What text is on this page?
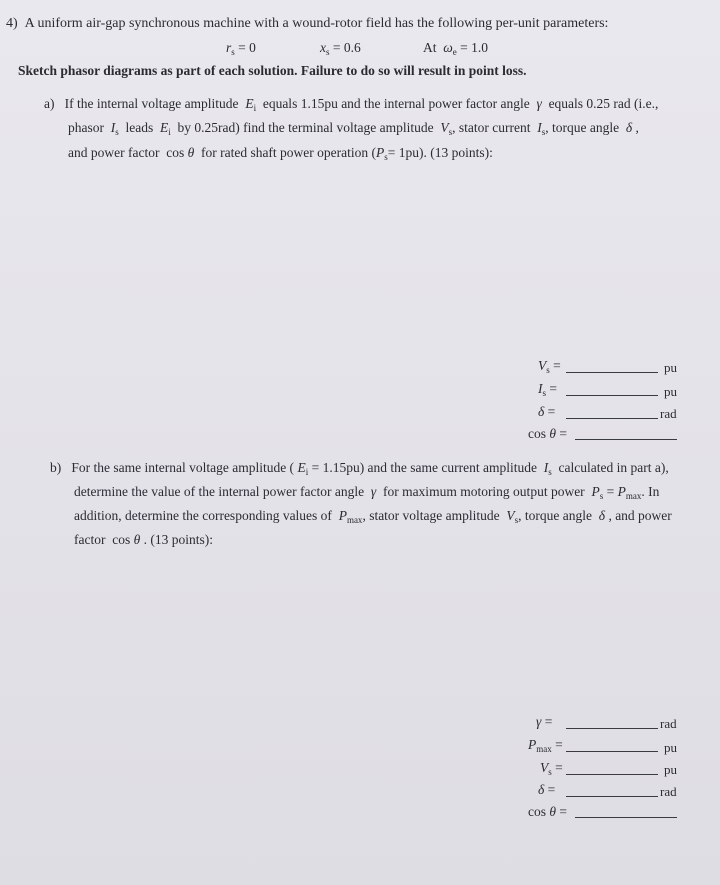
4)  A uniform air-gap synchronous machine with a wound-rotor field has the following per-unit parameters:
$r_s = 0$	$x_s = 0.6$	At  $\omega_e = 1.0$
Sketch phasor diagrams as part of each solution. Failure to do so will result in point loss.
a)   If the internal voltage amplitude  $E_i$  equals 1.15pu and the internal power factor angle  γ  equals 0.25 rad (i.e.,
phasor  $I_s$  leads  $E_i$  by 0.25rad) find the terminal voltage amplitude  $V_s$, stator current  $I_s$, torque angle  δ ,
and power factor  cos θ  for rated shaft power operation $(P_s= 1pu)$. (13 points):
$V_s$ =	pu
$I_s$ =	pu
δ =	rad
cos θ =
b)   For the same internal voltage amplitude ( $E_i = 1.15pu$) and the same current amplitude  $I_s$  calculated in part a),
determine the value of the internal power factor angle  γ  for maximum motoring output power  $P_s = P_{max}$. In
addition, determine the corresponding values of  $P_{max}$, stator voltage amplitude  $V_s$, torque angle  δ , and power
factor  cos θ . (13 points):
γ =	rad
$P_{max}$ =	pu
$V_s$ =	pu
δ =	rad
cos θ =
